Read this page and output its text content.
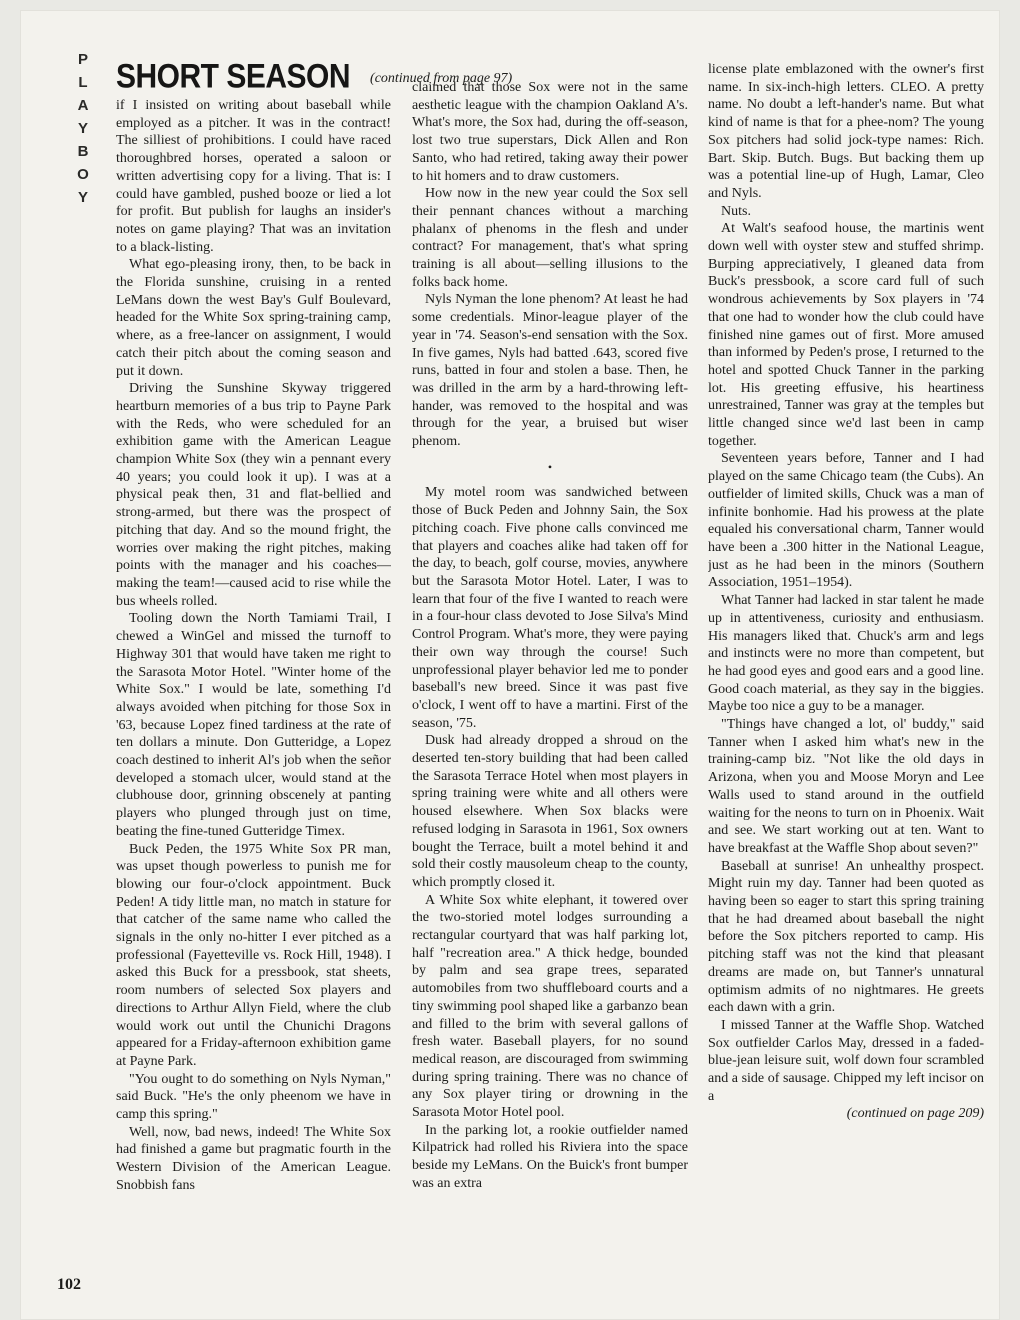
P
L
A
Y
B
O
Y
SHORT SEASON (continued from page 97)

if I insisted on writing about baseball while employed as a pitcher. It was in the contract! The silliest of prohibitions. I could have raced thoroughbred horses, operated a saloon or written advertising copy for a living. That is: I could have gambled, pushed booze or lied a lot for profit. But publish for laughs an insider's notes on game playing? That was an invitation to a black-listing.

What ego-pleasing irony, then, to be back in the Florida sunshine, cruising in a rented LeMans down the west Bay's Gulf Boulevard, headed for the White Sox spring-training camp, where, as a free-lancer on assignment, I would catch their pitch about the coming season and put it down.

Driving the Sunshine Skyway triggered heartburn memories of a bus trip to Payne Park with the Reds, who were scheduled for an exhibition game with the American League champion White Sox (they win a pennant every 40 years; you could look it up). I was at a physical peak then, 31 and flat-bellied and strong-armed, but there was the prospect of pitching that day. And so the mound fright, the worries over making the right pitches, making points with the manager and his coaches—making the team!—caused acid to rise while the bus wheels rolled.

Tooling down the North Tamiami Trail, I chewed a WinGel and missed the turnoff to Highway 301 that would have taken me right to the Sarasota Motor Hotel. "Winter home of the White Sox." I would be late, something I'd always avoided when pitching for those Sox in '63, because Lopez fined tardiness at the rate of ten dollars a minute. Don Gutteridge, a Lopez coach destined to inherit Al's job when the señor developed a stomach ulcer, would stand at the clubhouse door, grinning obscenely at panting players who plunged through just on time, beating the fine-tuned Gutteridge Timex.

Buck Peden, the 1975 White Sox PR man, was upset though powerless to punish me for blowing our four-o'clock appointment. Buck Peden! A tidy little man, no match in stature for that catcher of the same name who called the signals in the only no-hitter I ever pitched as a professional (Fayetteville vs. Rock Hill, 1948). I asked this Buck for a pressbook, stat sheets, room numbers of selected Sox players and directions to Arthur Allyn Field, where the club would work out until the Chunichi Dragons appeared for a Friday-afternoon exhibition game at Payne Park.

"You ought to do something on Nyls Nyman," said Buck. "He's the only pheenom we have in camp this spring."

Well, now, bad news, indeed! The White Sox had finished a game but pragmatic fourth in the Western Division of the American League. Snobbish fans

claimed that those Sox were not in the same aesthetic league with the champion Oakland A's. What's more, the Sox had, during the off-season, lost two true superstars, Dick Allen and Ron Santo, who had retired, taking away their power to hit homers and to draw customers.

How now in the new year could the Sox sell their pennant chances without a marching phalanx of phenoms in the flesh and under contract? For management, that's what spring training is all about—selling illusions to the folks back home.

Nyls Nyman the lone phenom? At least he had some credentials. Minor-league player of the year in '74. Season's-end sensation with the Sox. In five games, Nyls had batted .643, scored five runs, batted in four and stolen a base. Then, he was drilled in the arm by a hard-throwing left-hander, was removed to the hospital and was through for the year, a bruised but wiser phenom.

•

My motel room was sandwiched between those of Buck Peden and Johnny Sain, the Sox pitching coach. Five phone calls convinced me that players and coaches alike had taken off for the day, to beach, golf course, movies, anywhere but the Sarasota Motor Hotel. Later, I was to learn that four of the five I wanted to reach were in a four-hour class devoted to Jose Silva's Mind Control Program. What's more, they were paying their own way through the course! Such unprofessional player behavior led me to ponder baseball's new breed. Since it was past five o'clock, I went off to have a martini. First of the season, '75.

Dusk had already dropped a shroud on the deserted ten-story building that had been called the Sarasota Terrace Hotel when most players in spring training were white and all others were housed elsewhere. When Sox blacks were refused lodging in Sarasota in 1961, Sox owners bought the Terrace, built a motel behind it and sold their costly mausoleum cheap to the county, which promptly closed it.

A White Sox white elephant, it towered over the two-storied motel lodges surrounding a rectangular courtyard that was half parking lot, half "recreation area." A thick hedge, bounded by palm and sea grape trees, separated automobiles from two shuffleboard courts and a tiny swimming pool shaped like a garbanzo bean and filled to the brim with several gallons of fresh water. Baseball players, for no sound medical reason, are discouraged from swimming during spring training. There was no chance of any Sox player tiring or drowning in the Sarasota Motor Hotel pool.

In the parking lot, a rookie outfielder named Kilpatrick had rolled his Riviera into the space beside my LeMans. On the Buick's front bumper was an extra

license plate emblazoned with the owner's first name. In six-inch-high letters. CLEO. A pretty name. No doubt a left-hander's name. But what kind of name is that for a phee-nom? The young Sox pitchers had solid jock-type names: Rich. Bart. Skip. Butch. Bugs. But backing them up was a potential line-up of Hugh, Lamar, Cleo and Nyls.

Nuts.

At Walt's seafood house, the martinis went down well with oyster stew and stuffed shrimp. Burping appreciatively, I gleaned data from Buck's pressbook, a score card full of such wondrous achievements by Sox players in '74 that one had to wonder how the club could have finished nine games out of first. More amused than informed by Peden's prose, I returned to the hotel and spotted Chuck Tanner in the parking lot. His greeting effusive, his heartiness unrestrained, Tanner was gray at the temples but little changed since we'd last been in camp together.

Seventeen years before, Tanner and I had played on the same Chicago team (the Cubs). An outfielder of limited skills, Chuck was a man of infinite bonhomie. Had his prowess at the plate equaled his conversational charm, Tanner would have been a .300 hitter in the National League, just as he had been in the minors (Southern Association, 1951–1954).

What Tanner had lacked in star talent he made up in attentiveness, curiosity and enthusiasm. His managers liked that. Chuck's arm and legs and instincts were no more than competent, but he had good eyes and good ears and a good line. Good coach material, as they say in the biggies. Maybe too nice a guy to be a manager.

"Things have changed a lot, ol' buddy," said Tanner when I asked him what's new in the training-camp biz. "Not like the old days in Arizona, when you and Moose Moryn and Lee Walls used to stand around in the outfield waiting for the neons to turn on in Phoenix. Wait and see. We start working out at ten. Want to have breakfast at the Waffle Shop about seven?"

Baseball at sunrise! An unhealthy prospect. Might ruin my day. Tanner had been quoted as having been so eager to start this spring training that he had dreamed about baseball the night before the Sox pitchers reported to camp. His pitching staff was not the kind that pleasant dreams are made on, but Tanner's unnatural optimism admits of no nightmares. He greets each dawn with a grin.

I missed Tanner at the Waffle Shop. Watched Sox outfielder Carlos May, dressed in a faded-blue-jean leisure suit, wolf down four scrambled and a side of sausage. Chipped my left incisor on a

(continued on page 209)

102
